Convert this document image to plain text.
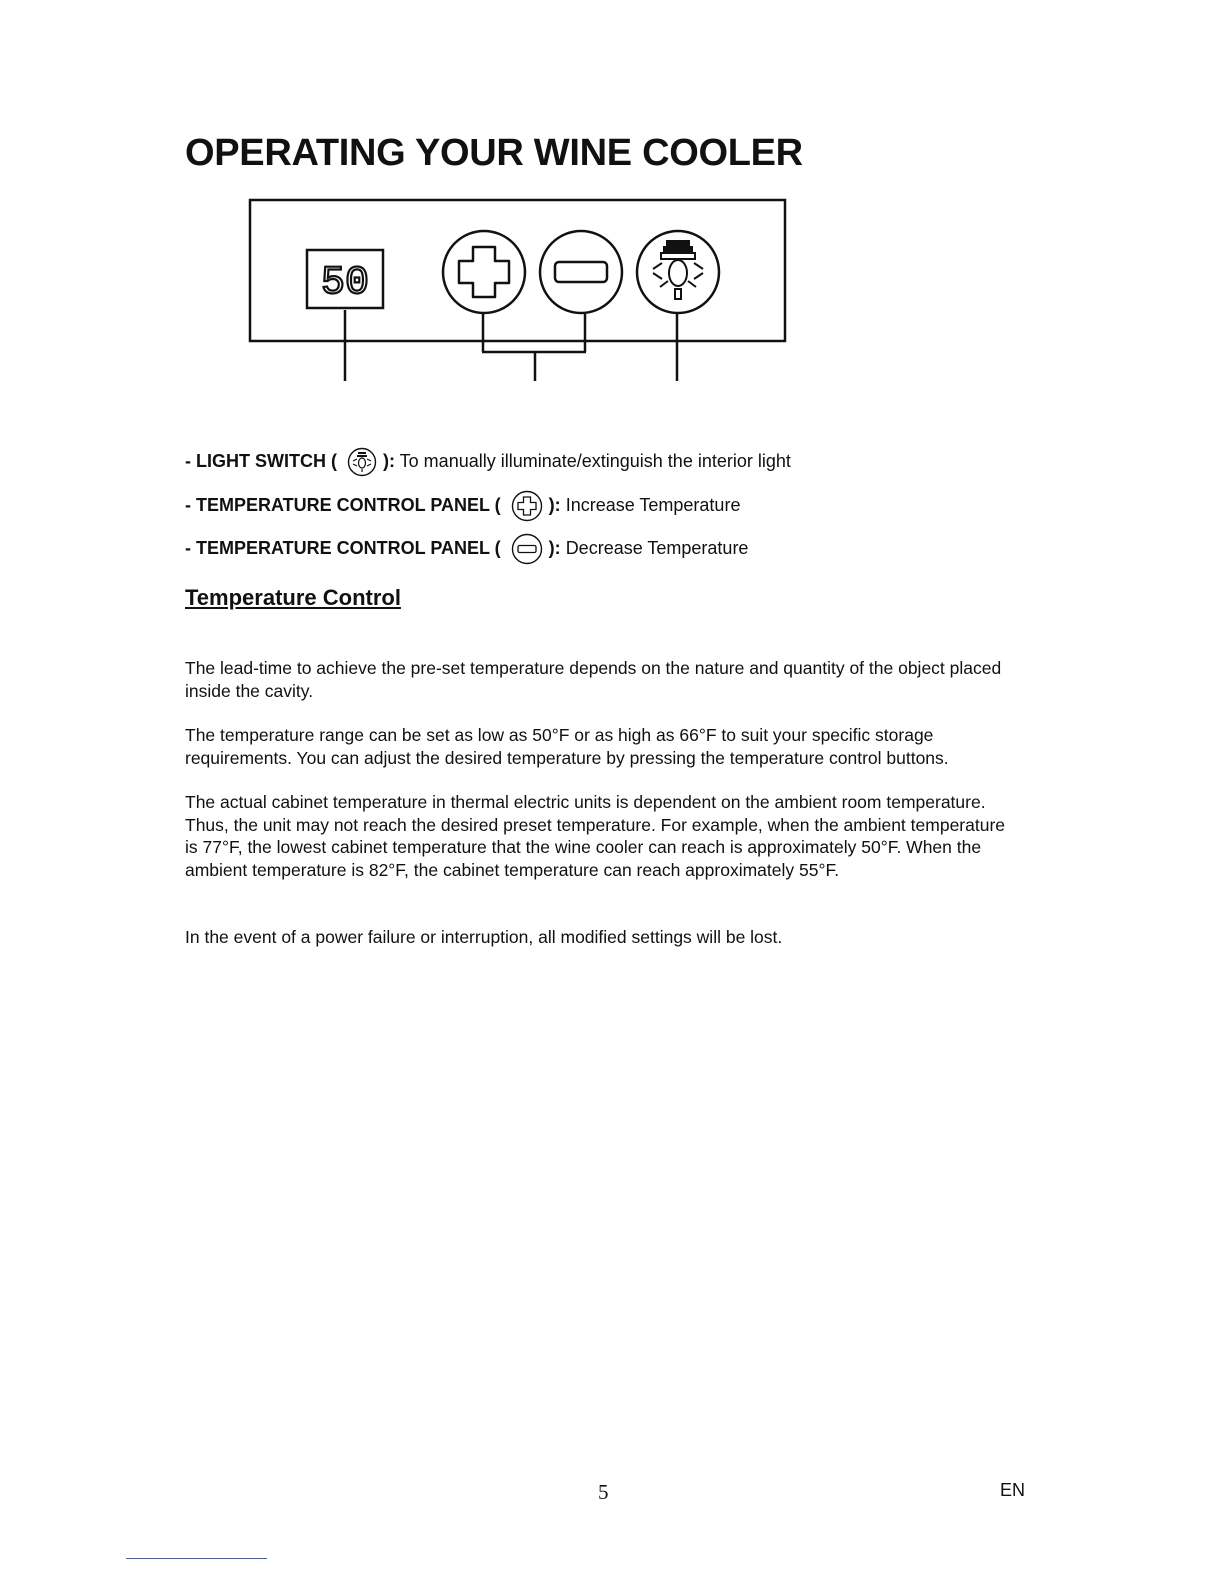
OPERATING YOUR WINE COOLER
50
- LIGHT SWITCH (	): To manually illuminate/extinguish the interior light
- TEMPERATURE CONTROL PANEL (	): Increase Temperature
- TEMPERATURE CONTROL PANEL (	): Decrease Temperature
Temperature Control

The lead-time to achieve the pre-set temperature depends on the nature and quantity of the object placed inside the cavity.

The temperature range can be set as low as 50°F or as high as 66°F to suit your specific storage requirements. You can adjust the desired temperature by pressing the temperature control buttons.

The actual cabinet temperature in thermal electric units is dependent on the ambient room temperature. Thus, the unit may not reach the desired preset temperature. For example, when the ambient temperature is 77°F, the lowest cabinet temperature that the wine cooler can reach is approximately 50°F. When the ambient temperature is 82°F, the cabinet temperature can reach approximately 55°F.

In the event of a power failure or interruption, all modified settings will be lost.

5	EN
